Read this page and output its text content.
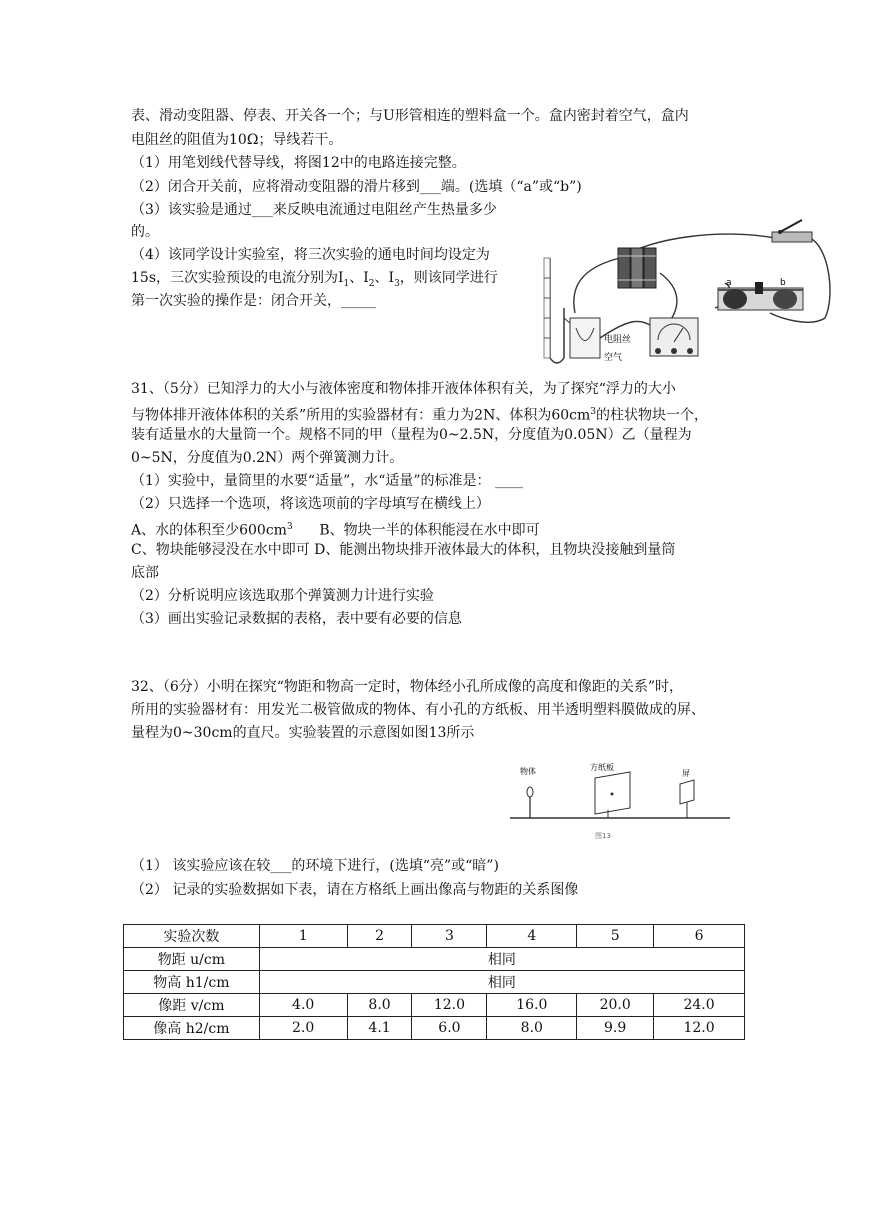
表、滑动变阻器、停表、开关各一个；与U形管相连的塑料盒一个。盒内密封着空气，盒内
电阻丝的阻值为10Ω；导线若干。
（1）用笔划线代替导线，将图12中的电路连接完整。
（2）闭合开关前，应将滑动变阻器的滑片移到___端。(选填（“a”或“b”)
（3）该实验是通过___来反映电流通过电阻丝产生热量多少
的。
（4）该同学设计实验室，将三次实验的通电时间均设定为
15s，三次实验预设的电流分别为$I_1$、$I_2$、$I_3$，则该同学进行
第一次实验的操作是：闭合开关，_____
a	b
电阻丝
空气
31、（5分）已知浮力的大小与液体密度和物体排开液体体积有关，为了探究“浮力的大小
与物体排开液体体积的关系”所用的实验器材有：重力为2N、体积为$60cm^3$的柱状物块一个，
装有适量水的大量筒一个。规格不同的甲（量程为0~2.5N，分度值为0.05N）乙（量程为
0~5N，分度值为0.2N）两个弹簧测力计。
（1）实验中，量筒里的水要“适量”，水“适量”的标准是： ____
（2）只选择一个选项，将该选项前的字母填写在横线上）
A、水的体积至少$600cm^3$      B、物块一半的体积能浸在水中即可
C、物块能够浸没在水中即可 D、能测出物块排开液体最大的体积，且物块没接触到量筒
底部
（2）分析说明应该选取那个弹簧测力计进行实验
（3）画出实验记录数据的表格，表中要有必要的信息
32、（6分）小明在探究“物距和物高一定时，物体经小孔所成像的高度和像距的关系”时，
所用的实验器材有：用发光二极管做成的物体、有小孔的方纸板、用半透明塑料膜做成的屏、
量程为0~30cm的直尺。实验装置的示意图如图13所示
物体	方纸板
屏
图13
（1） 该实验应该在较___的环境下进行，(选填“亮”或“暗”)
（2） 记录的实验数据如下表，请在方格纸上画出像高与物距的关系图像
实验次数	1	2	3	4	5	6
物距 u/cm	相同					
物高 h1/cm	相同					
像距 v/cm	4.0	8.0	12.0	16.0	20.0	24.0
像高 h2/cm	2.0	4.1	6.0	8.0	9.9	12.0
